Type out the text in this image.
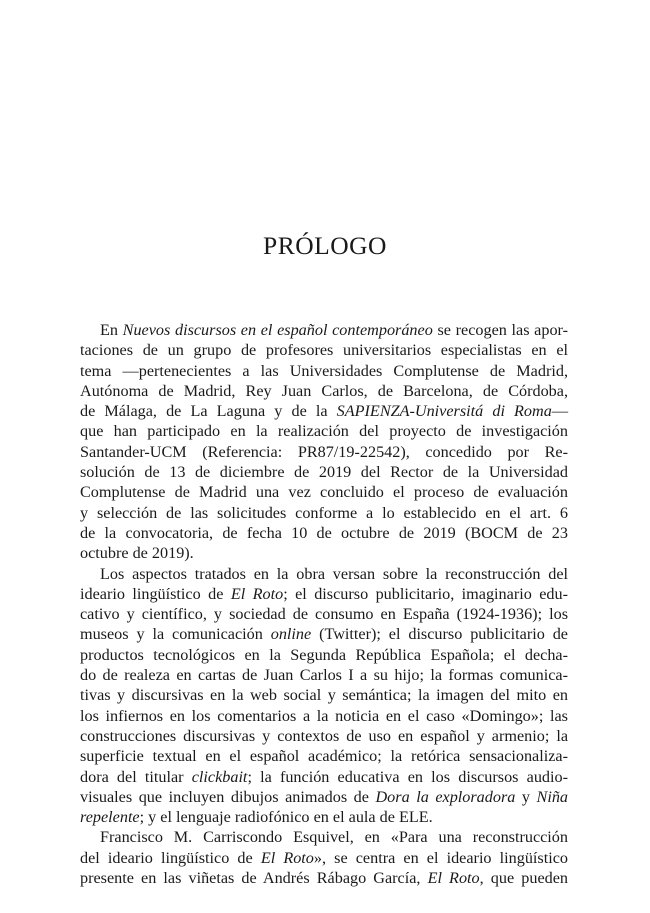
PRÓLOGO
En Nuevos discursos en el español contemporáneo se recogen las apor-
taciones de un grupo de profesores universitarios especialistas en el
tema —pertenecientes a las Universidades Complutense de Madrid,
Autónoma de Madrid, Rey Juan Carlos, de Barcelona, de Córdoba,
de Málaga, de La Laguna y de la SAPIENZA-Universitá di Roma—
que han participado en la realización del proyecto de investigación
Santander-UCM (Referencia: PR87/19-22542), concedido por Re-
solución de 13 de diciembre de 2019 del Rector de la Universidad
Complutense de Madrid una vez concluido el proceso de evaluación
y selección de las solicitudes conforme a lo establecido en el art. 6
de la convocatoria, de fecha 10 de octubre de 2019 (BOCM de 23
octubre de 2019).
Los aspectos tratados en la obra versan sobre la reconstrucción del
ideario lingüístico de El Roto; el discurso publicitario, imaginario edu-
cativo y científico, y sociedad de consumo en España (1924-1936); los
museos y la comunicación online (Twitter); el discurso publicitario de
productos tecnológicos en la Segunda República Española; el decha-
do de realeza en cartas de Juan Carlos I a su hijo; la formas comunica-
tivas y discursivas en la web social y semántica; la imagen del mito en
los infiernos en los comentarios a la noticia en el caso «Domingo»; las
construcciones discursivas y contextos de uso en español y armenio; la
superficie textual en el español académico; la retórica sensacionaliza-
dora del titular clickbait; la función educativa en los discursos audio-
visuales que incluyen dibujos animados de Dora la exploradora y Niña
repelente; y el lenguaje radiofónico en el aula de ELE.
Francisco M. Carriscondo Esquivel, en «Para una reconstrucción
del ideario lingüístico de El Roto», se centra en el ideario lingüístico
presente en las viñetas de Andrés Rábago García, El Roto, que pueden
